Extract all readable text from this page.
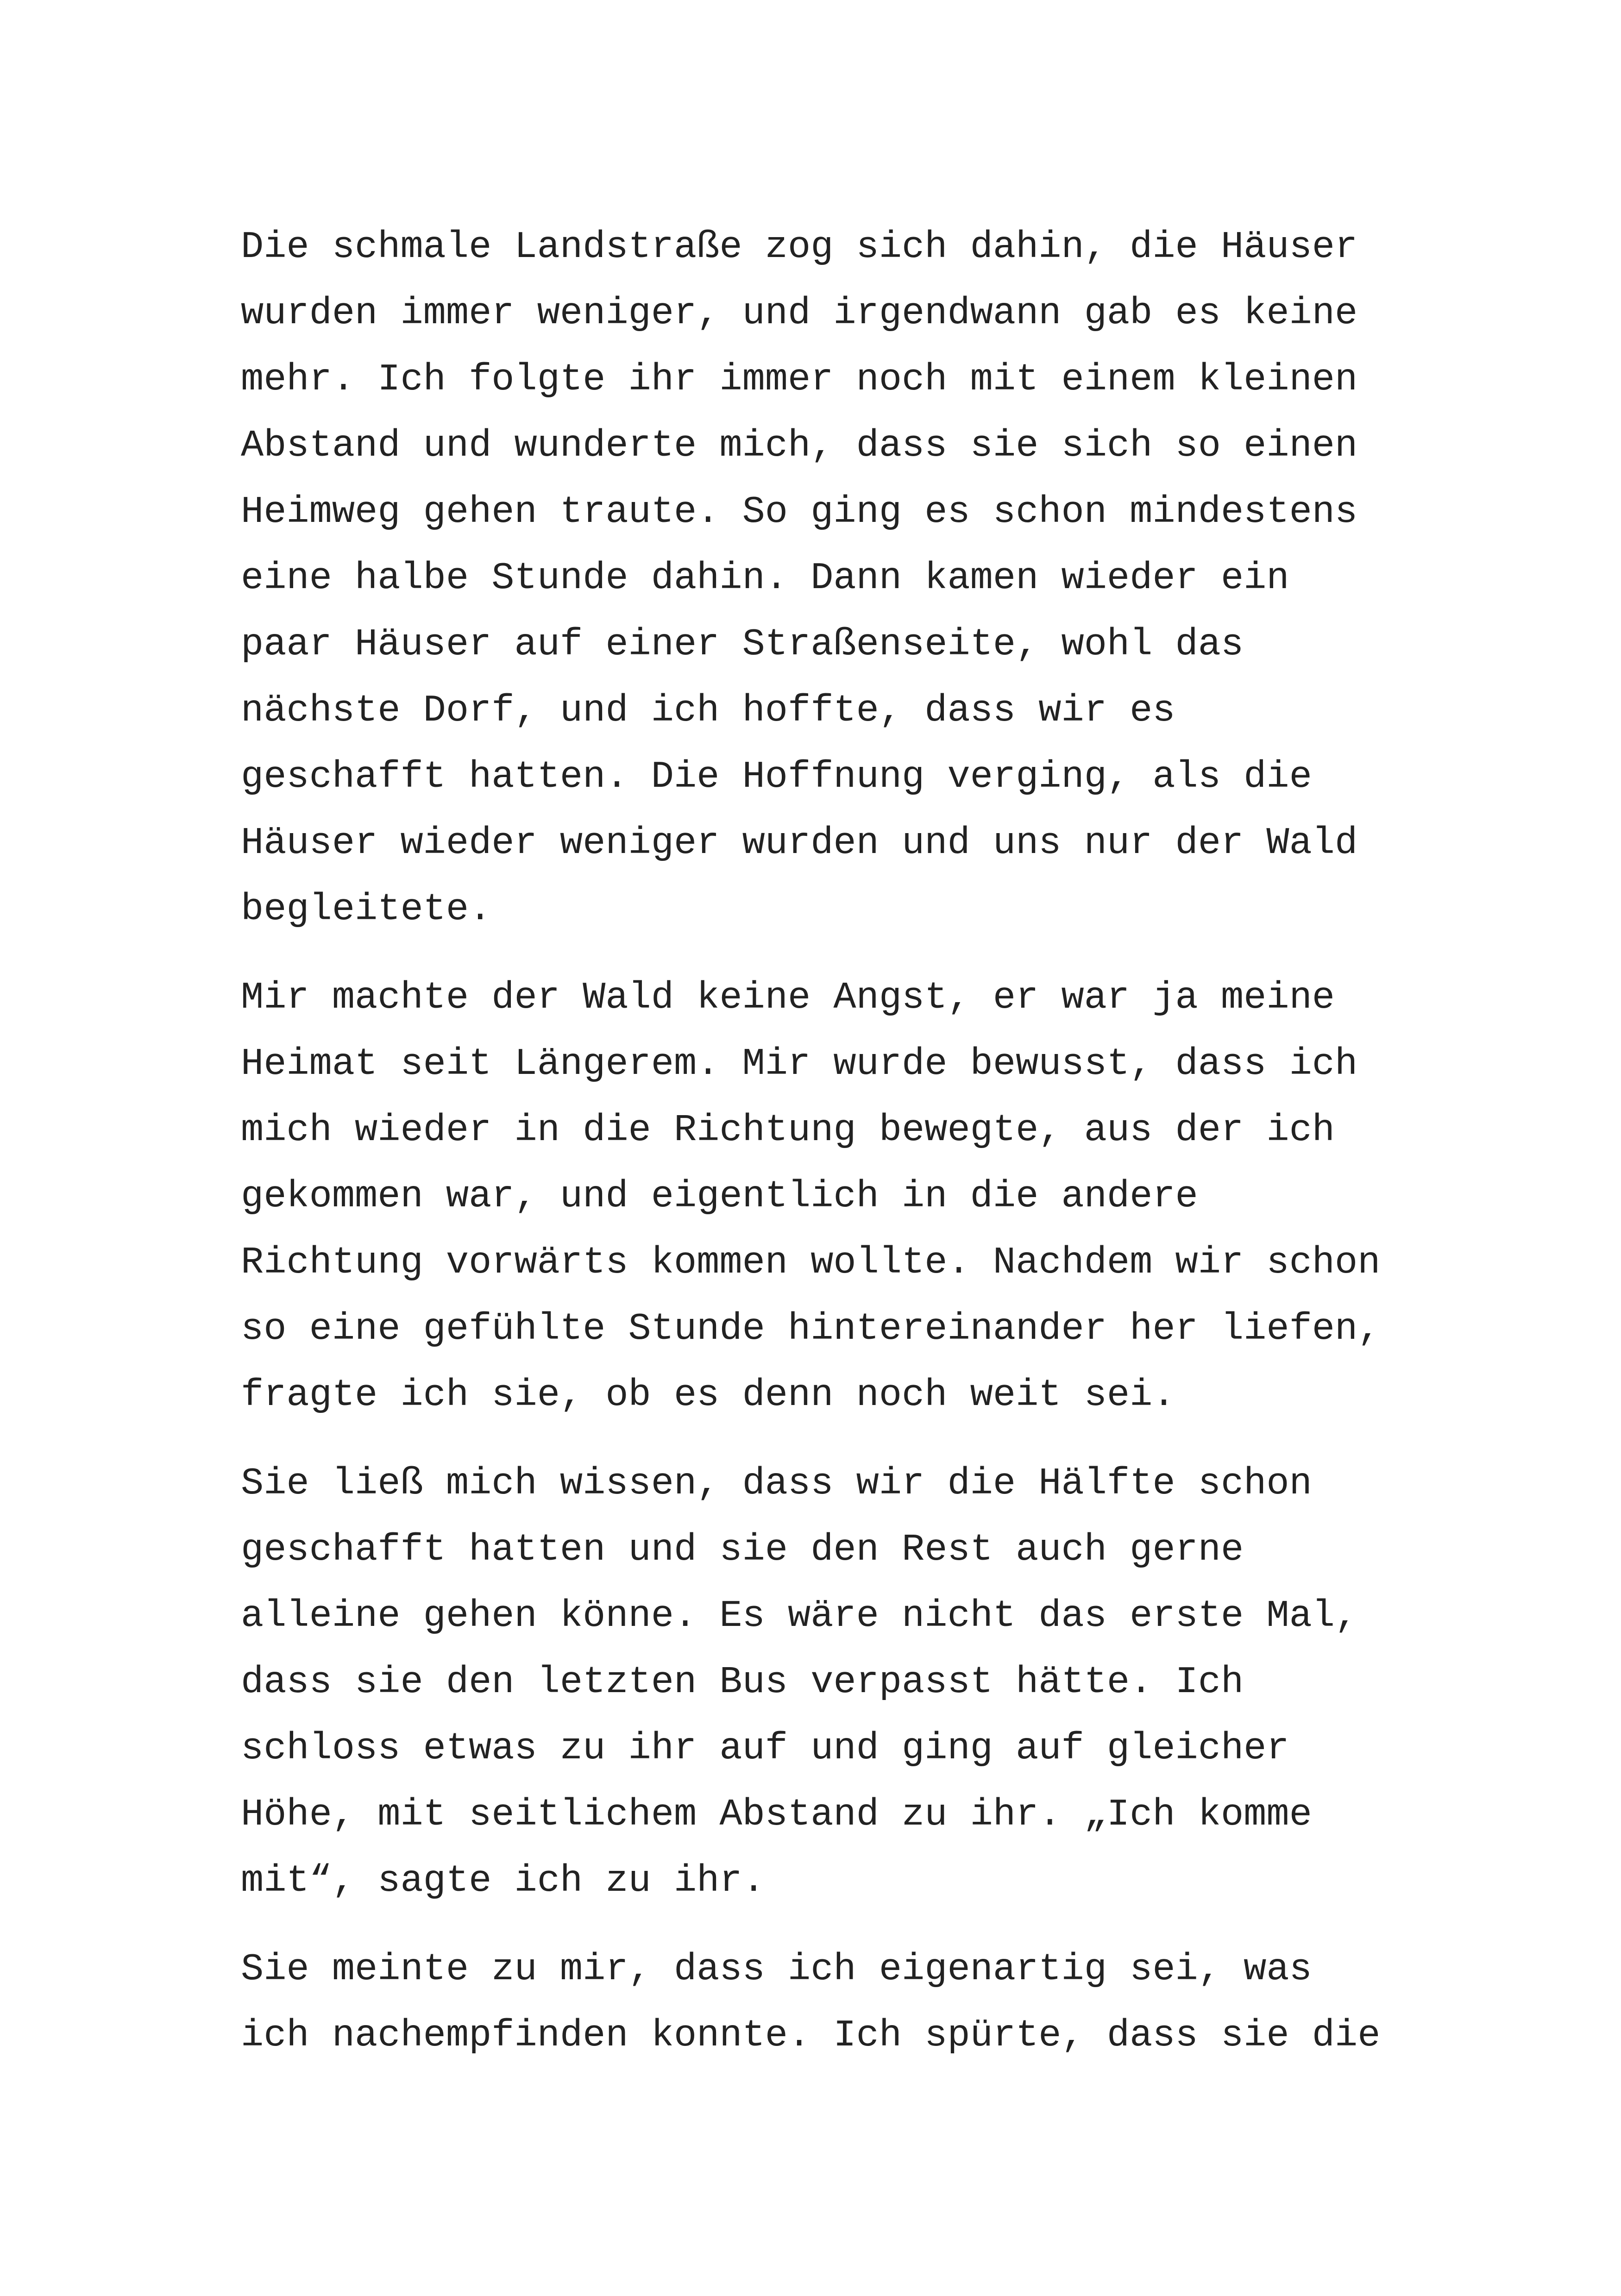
Die schmale Landstraße zog sich dahin, die Häuser
wurden immer weniger, und irgendwann gab es keine
mehr. Ich folgte ihr immer noch mit einem kleinen
Abstand und wunderte mich, dass sie sich so einen
Heimweg gehen traute. So ging es schon mindestens
eine halbe Stunde dahin. Dann kamen wieder ein
paar Häuser auf einer Straßenseite, wohl das
nächste Dorf, und ich hoffte, dass wir es
geschafft hatten. Die Hoffnung verging, als die
Häuser wieder weniger wurden und uns nur der Wald
begleitete.
Mir machte der Wald keine Angst, er war ja meine
Heimat seit Längerem. Mir wurde bewusst, dass ich
mich wieder in die Richtung bewegte, aus der ich
gekommen war, und eigentlich in die andere
Richtung vorwärts kommen wollte. Nachdem wir schon
so eine gefühlte Stunde hintereinander her liefen,
fragte ich sie, ob es denn noch weit sei.
Sie ließ mich wissen, dass wir die Hälfte schon
geschafft hatten und sie den Rest auch gerne
alleine gehen könne. Es wäre nicht das erste Mal,
dass sie den letzten Bus verpasst hätte. Ich
schloss etwas zu ihr auf und ging auf gleicher
Höhe, mit seitlichem Abstand zu ihr. „Ich komme
mit“, sagte ich zu ihr.
Sie meinte zu mir, dass ich eigenartig sei, was
ich nachempfinden konnte. Ich spürte, dass sie die
